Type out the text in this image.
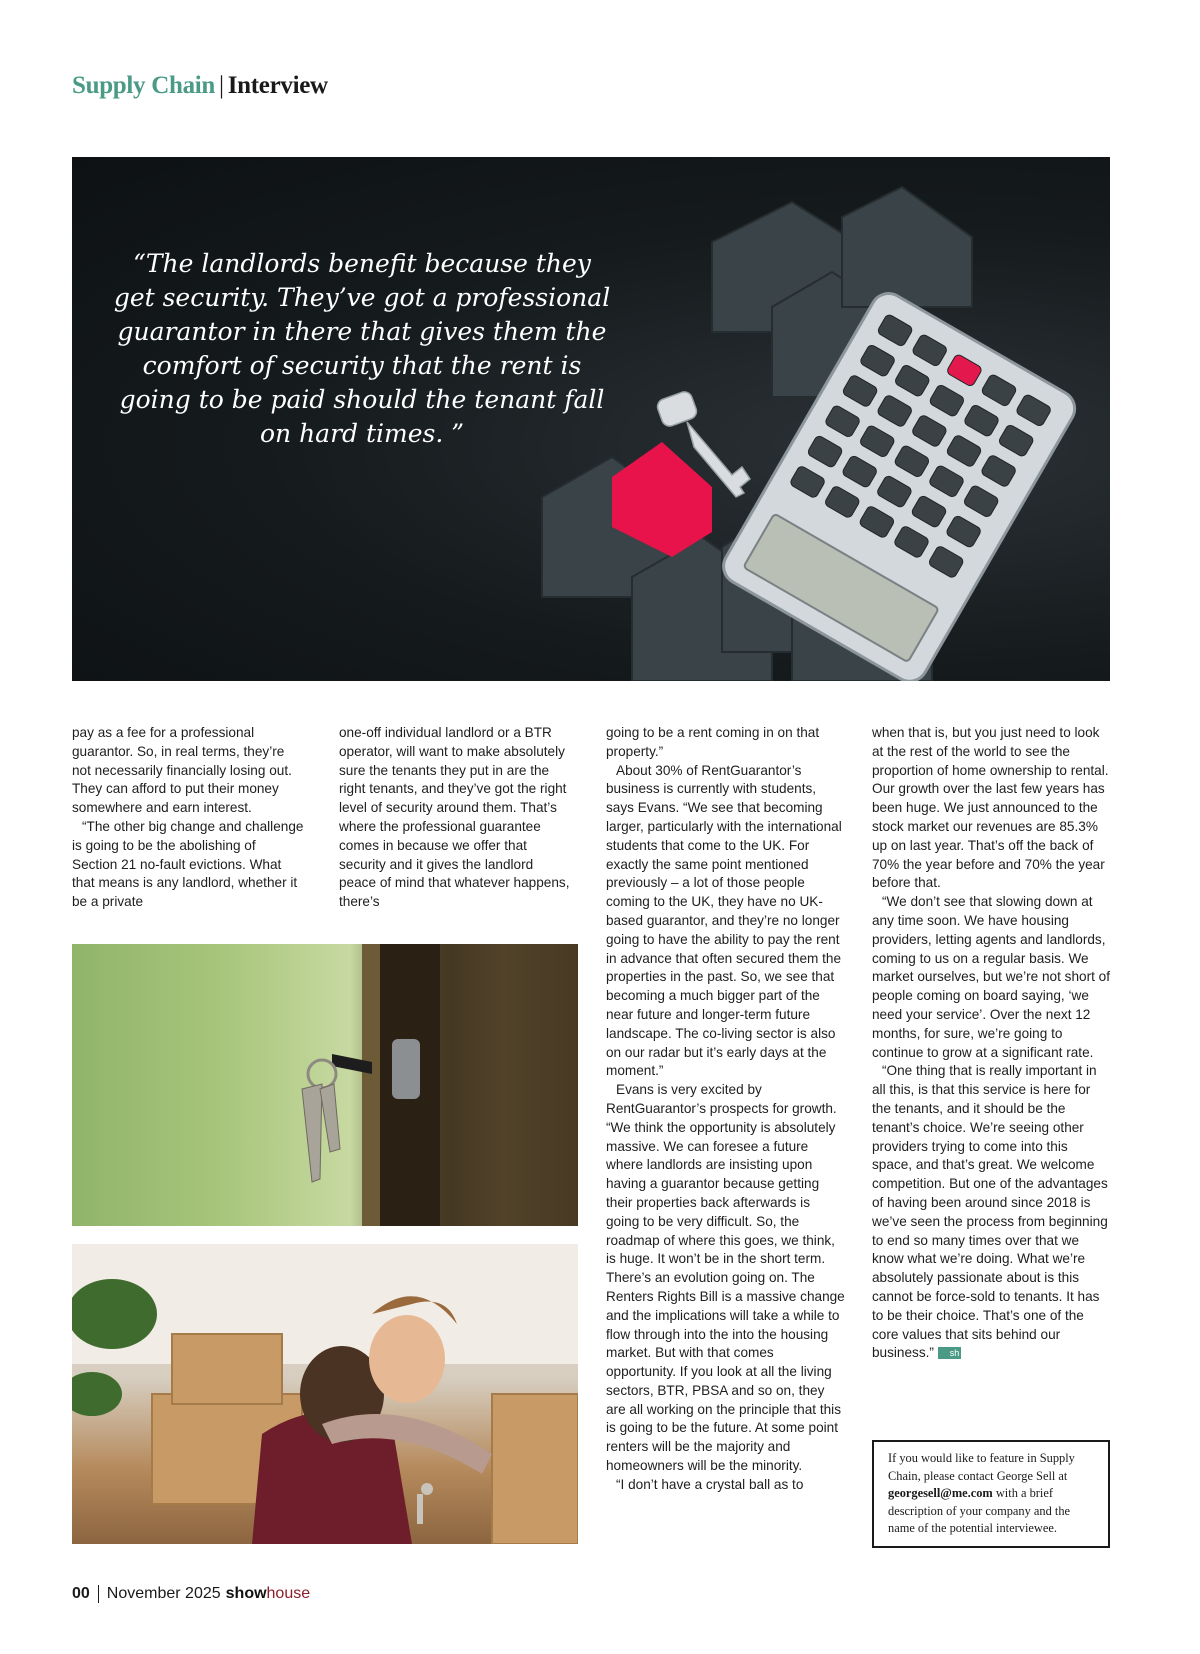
Supply Chain | Interview
“The landlords benefit because they get security. They’ve got a professional guarantor in there that gives them the comfort of security that the rent is going to be paid should the tenant fall on hard times. ”

pay as a fee for a professional guarantor. So, in real terms, they’re not necessarily financially losing out. They can afford to put their money somewhere and earn interest.

“The other big change and challenge is going to be the abolishing of Section 21 no-fault evictions. What that means is any landlord, whether it be a private

one-off individual landlord or a BTR operator, will want to make absolutely sure the tenants they put in are the right tenants, and they’ve got the right level of security around them. That’s where the professional guarantee comes in because we offer that security and it gives the landlord peace of mind that whatever happens, there’s

going to be a rent coming in on that property.”

About 30% of RentGuarantor’s business is currently with students, says Evans. “We see that becoming larger, particularly with the international students that come to the UK. For exactly the same point mentioned previously – a lot of those people coming to the UK, they have no UK-based guarantor, and they’re no longer going to have the ability to pay the rent in advance that often secured them the properties in the past. So, we see that becoming a much bigger part of the near future and longer-term future landscape. The co-living sector is also on our radar but it’s early days at the moment.”

Evans is very excited by RentGuarantor’s prospects for growth. “We think the opportunity is absolutely massive. We can foresee a future where landlords are insisting upon having a guarantor because getting their properties back afterwards is going to be very difficult. So, the roadmap of where this goes, we think, is huge. It won’t be in the short term. There’s an evolution going on. The Renters Rights Bill is a massive change and the implications will take a while to flow through into the into the housing market. But with that comes opportunity. If you look at all the living sectors, BTR, PBSA and so on, they are all working on the principle that this is going to be the future. At some point renters will be the majority and homeowners will be the minority.

“I don’t have a crystal ball as to

when that is, but you just need to look at the rest of the world to see the proportion of home ownership to rental. Our growth over the last few years has been huge. We just announced to the stock market our revenues are 85.3% up on last year. That’s off the back of 70% the year before and 70% the year before that.

“We don’t see that slowing down at any time soon. We have housing providers, letting agents and landlords, coming to us on a regular basis. We market ourselves, but we’re not short of people coming on board saying, ‘we need your service’. Over the next 12 months, for sure, we’re going to continue to grow at a significant rate.

“One thing that is really important in all this, is that this service is here for the tenants, and it should be the tenant’s choice. We’re seeing other providers trying to come into this space, and that’s great. We welcome competition. But one of the advantages of having been around since 2018 is we’ve seen the process from beginning to end so many times over that we know what we’re doing. What we’re absolutely passionate about is this cannot be force-sold to tenants. It has to be their choice. That’s one of the core values that sits behind our business.” sh

If you would like to feature in Supply Chain, please contact George Sell at georgesell@me.com with a brief description of your company and the name of the potential interviewee.
00 November 2025 show house
